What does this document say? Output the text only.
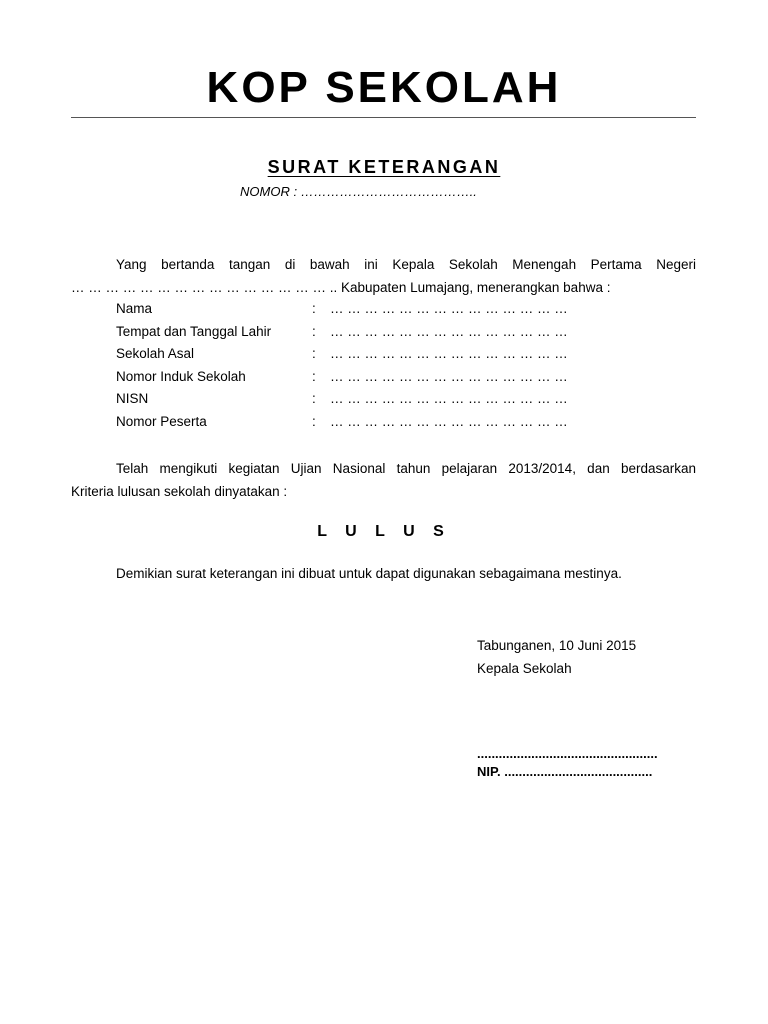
KOP SEKOLAH
SURAT KETERANGAN
NOMOR : …………………………………..
Yang bertanda tangan di bawah ini Kepala Sekolah Menengah Pertama Negeri
… … … … … … … … … … … … … … … .. Kabupaten Lumajang, menerangkan bahwa :
Nama	:	… … … … … … … … … … … … … …
Tempat dan Tanggal Lahir	:	… … … … … … … … … … … … … …
Sekolah Asal	:	… … … … … … … … … … … … … …
Nomor Induk Sekolah	:	… … … … … … … … … … … … … …
NISN	:	… … … … … … … … … … … … … …
Nomor Peserta	:	… … … … … … … … … … … … … …
Telah mengikuti kegiatan Ujian Nasional tahun pelajaran 2013/2014, dan berdasarkan
Kriteria lulusan sekolah dinyatakan :
L U L U S
Demikian surat keterangan ini dibuat untuk dapat digunakan sebagaimana mestinya.
Tabunganen, 10 Juni 2015
Kepala Sekolah
..................................................
NIP. .........................................
